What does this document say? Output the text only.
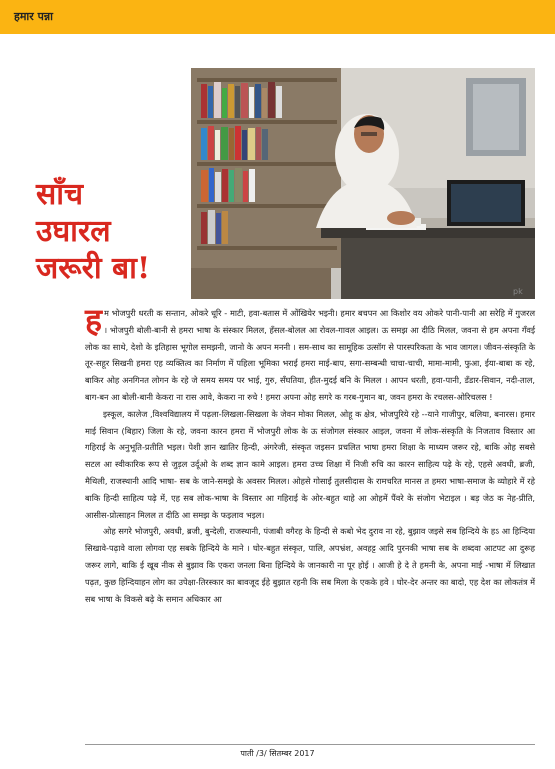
हमार पन्ना
pk
साँच
उघारल
जरूरी बा!

हम भोजपुरी धरती क सन्तान, ओकरे धूरि - माटी, हवा-बतास में ओंखियेर भइनी। हमार बचपन आ किशोर वय ओकरे पानी-पानी आ सरेहि में गुजरल । भोजपुरी बोली-बानी से हमरा भाषा के संस्कार मिलल, हँसल-बोलल आ रोवल-गावल आइल। ऊ समझ आ दीठि मिलल, जवना से हम अपना गँवई लोक का साथे, देशो के इतिहास भूगोल समझनी, जानो के अपन मननी । सम-साथ का सामूहिक उत्सॉग से पारस्परिकता के भाव जागल। जीवन-संस्कृति के तूर-सहूर सिखनी हमरा एह व्यक्तित्व का निर्माण में पहिला भूमिका भराई हमरा माई-बाप, सगा-सम्बन्धी चाचा-चाची, मामा-मामी, फुआ, ईया-बाबा क रहे, बाकिर ओह अनगिनत लोगन के रहे जे समय समय पर भाई, गुरु, सँघतिया, हीत-मुदई बनि के मिलल । आपन धरती, हवा-पानी, डँडार-सिवान, नदी-ताल, बाग-बन आ बोली-बानी केकरा ना रास आवे, केकरा ना रुचे ! हमरा अपना ओह सगरे क गरब-गुमान बा, जवन हमरा के रचलस-ओरिचलस !

इस्कूल, कालेज ,विश्वविद्यालय में पढ़ला-लिखला-सिखला के जेवन मोका मिलल, ओहू क क्षेत्र, भोजपुरिये रहे --याने गाजीपुर, बलिया, बनारस। हमार माई सिवान (बिहार) जिला के रहे, जवना कारन हमरा में भोजपुरी लोक के ऊ संजोगल संस्कार आइल, जवना में लोक-संस्कृति के निजताव विस्तार आ गहिराई के अनुभूति-प्रतीति भइल। पेशी ज्ञान खातिर हिन्दी, अंगरेजी, संस्कृत जइसन प्रचलित भाषा हमरा शिक्षा के माध्यम जरूर रहे, बाकि ओह सबसे सटल आ स्वीकारिक रूप से जुड़ल उर्दूओ के शब्द ज्ञान कामे आइल। हमरा उच्च शिक्षा में निजी रुचि का कारन साहित्य पढ़े के रहे, एहसे अवधी, ब्रजी, मैथिली, राजस्थानी आदि भाषा- सब के जाने-समझे के अवसर मिलल। ओहसे गोसाईं तुलसीदास के रामचरित मानस त हमरा भाषा-समाज के व्योहारे में रहे बाकि हिन्दी साहित्य पढ़े में, एह सब लोक-भाषा के विस्तार आ गहिराई के ओर-बहुत थाहे आ ओहमें पैंवरे के संजोग भेटाइल । बड़ जेठ क नेह-प्रीति, आसीस-प्रोत्साहन मिलल त दीठि आ समझ के फइलाव भइल।

ओह सगरे भोजपुरी, अवधी, ब्रजी, बुन्देली, राजस्थानी, पंजाबी वगैरह के हिन्दी से कबो भेद दुराव ना रहे, बुझाव जइसे सब हिन्दिये के हऽ आ हिन्दिया सिखावे-पढ़ावे वाला लोगवा एह सबके हिन्दिये के माने । घोर-बहुत संस्कृत, पालि, अपभ्रंश, अवहट्ट आदि पुरनकी भाषा सब के शब्दवा आटपट आ दुरूह जरूर लागे, बाकि ई खूब नीक से बुझाव कि एकरा जनला बिना हिन्दिये के जानकारी ना पूर होई । आजी हे दे ते हमनी के, अपना माई -भाषा में लिखात पढ़त, कुछ हिन्दियाहन लोग का उपेक्षा-तिरस्कार का बावजूद ईहे बुझात रहनी कि सब मिला के एकके हवे । घोर-देर अन्तर का बादो, एह देश का लोकतंत्र में सब भाषा के विकसे बढ़े के समान अधिकार आ

पाती /3/ सितम्बर 2017
